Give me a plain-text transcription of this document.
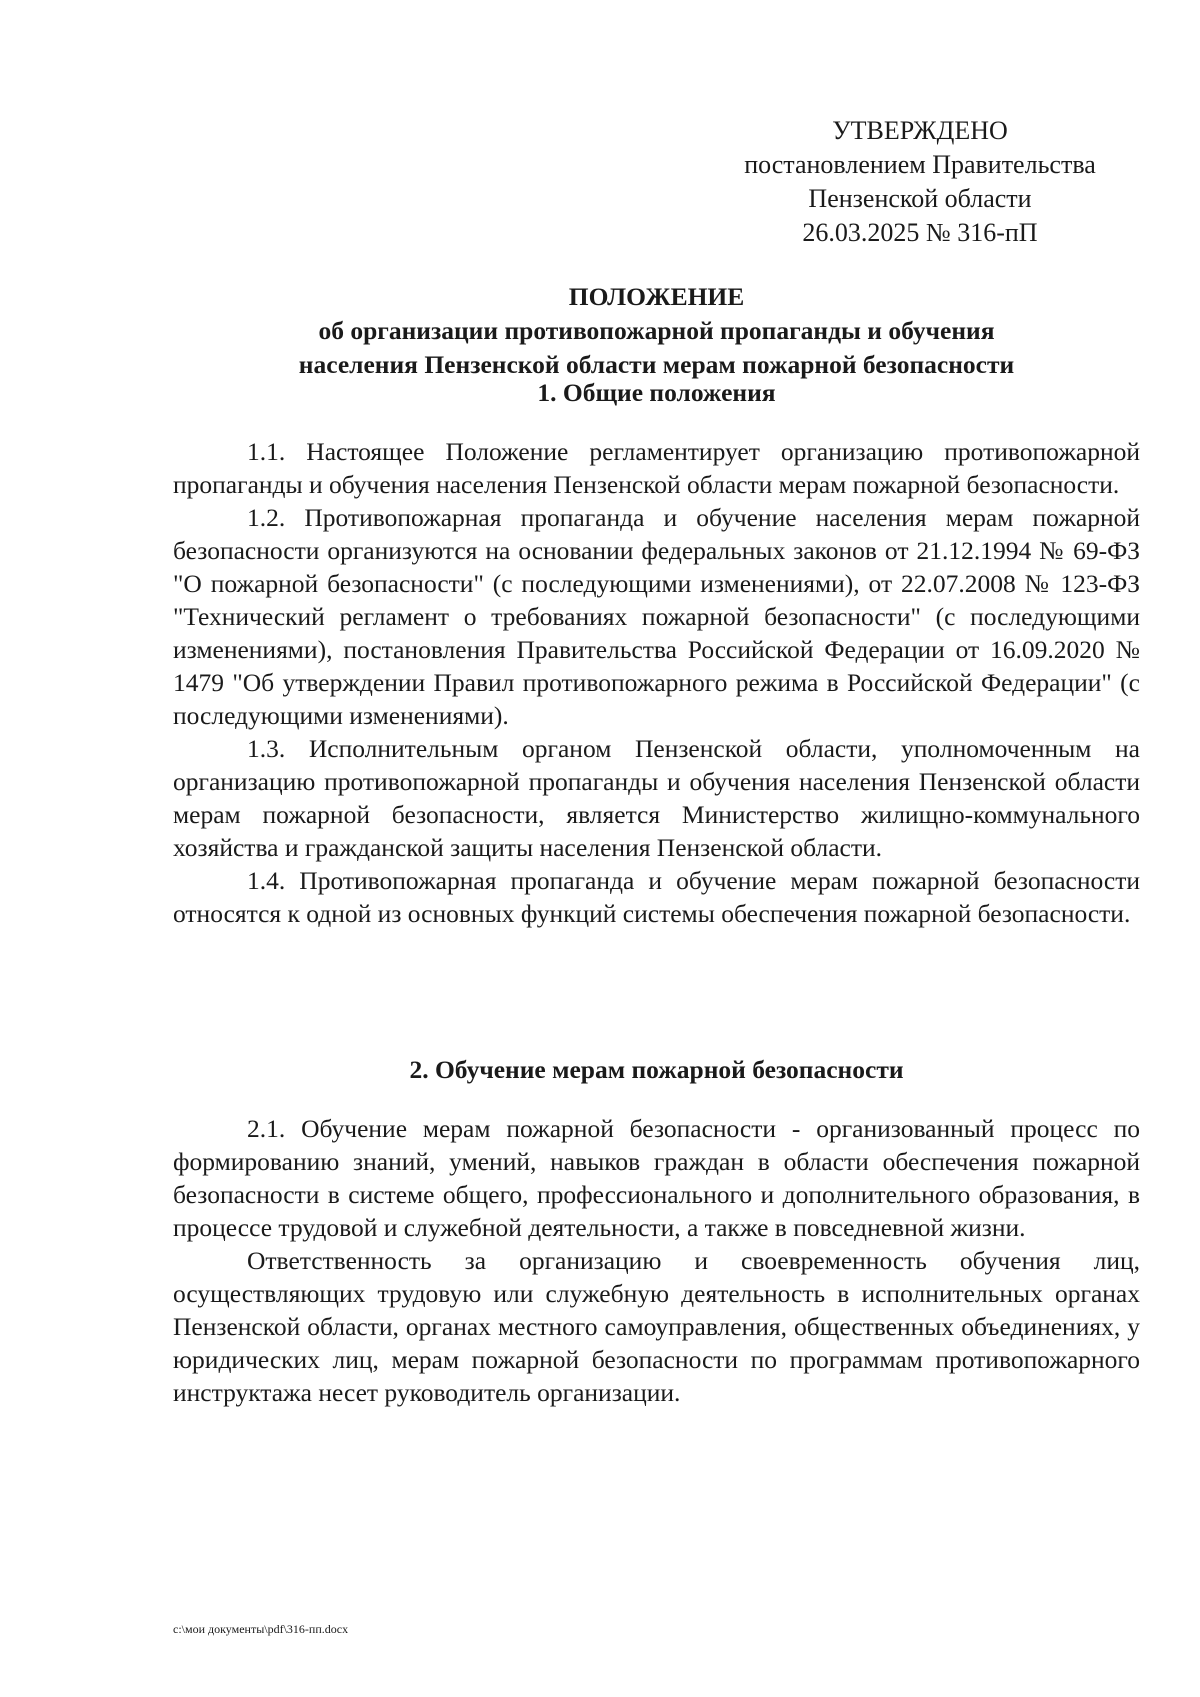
УТВЕРЖДЕНО
постановлением Правительства
Пензенской области
26.03.2025 № 316-пП
ПОЛОЖЕНИЕ
об организации противопожарной пропаганды и обучения
населения Пензенской области мерам пожарной безопасности
1. Общие положения

1.1. Настоящее Положение регламентирует организацию противопожарной пропаганды и обучения населения Пензенской области мерам пожарной безопасности.

1.2. Противопожарная пропаганда и обучение населения мерам пожарной безопасности организуются на основании федеральных законов от 21.12.1994 № 69-ФЗ "О пожарной безопасности" (с последующими изменениями), от 22.07.2008 № 123-ФЗ "Технический регламент о требованиях пожарной безопасности" (с последующими изменениями), постановления Правительства Российской Федерации от 16.09.2020 № 1479 "Об утверждении Правил противопожарного режима в Российской Федерации" (с последующими изменениями).

1.3. Исполнительным органом Пензенской области, уполномоченным на организацию противопожарной пропаганды и обучения населения Пензенской области мерам пожарной безопасности, является Министерство жилищно-коммунального хозяйства и гражданской защиты населения Пензенской области.

1.4. Противопожарная пропаганда и обучение мерам пожарной безопасности относятся к одной из основных функций системы обеспечения пожарной безопасности.

2. Обучение мерам пожарной безопасности

2.1. Обучение мерам пожарной безопасности - организованный процесс по формированию знаний, умений, навыков граждан в области обеспечения пожарной безопасности в системе общего, профессионального и дополнительного образования, в процессе трудовой и служебной деятельности, а также в повседневной жизни.

Ответственность за организацию и своевременность обучения лиц, осуществляющих трудовую или служебную деятельность в исполнительных органах Пензенской области, органах местного самоуправления, общественных объединениях, у юридических лиц, мерам пожарной безопасности по программам противопожарного инструктажа несет руководитель организации.

c:\мои документы\pdf\316-пп.docx
